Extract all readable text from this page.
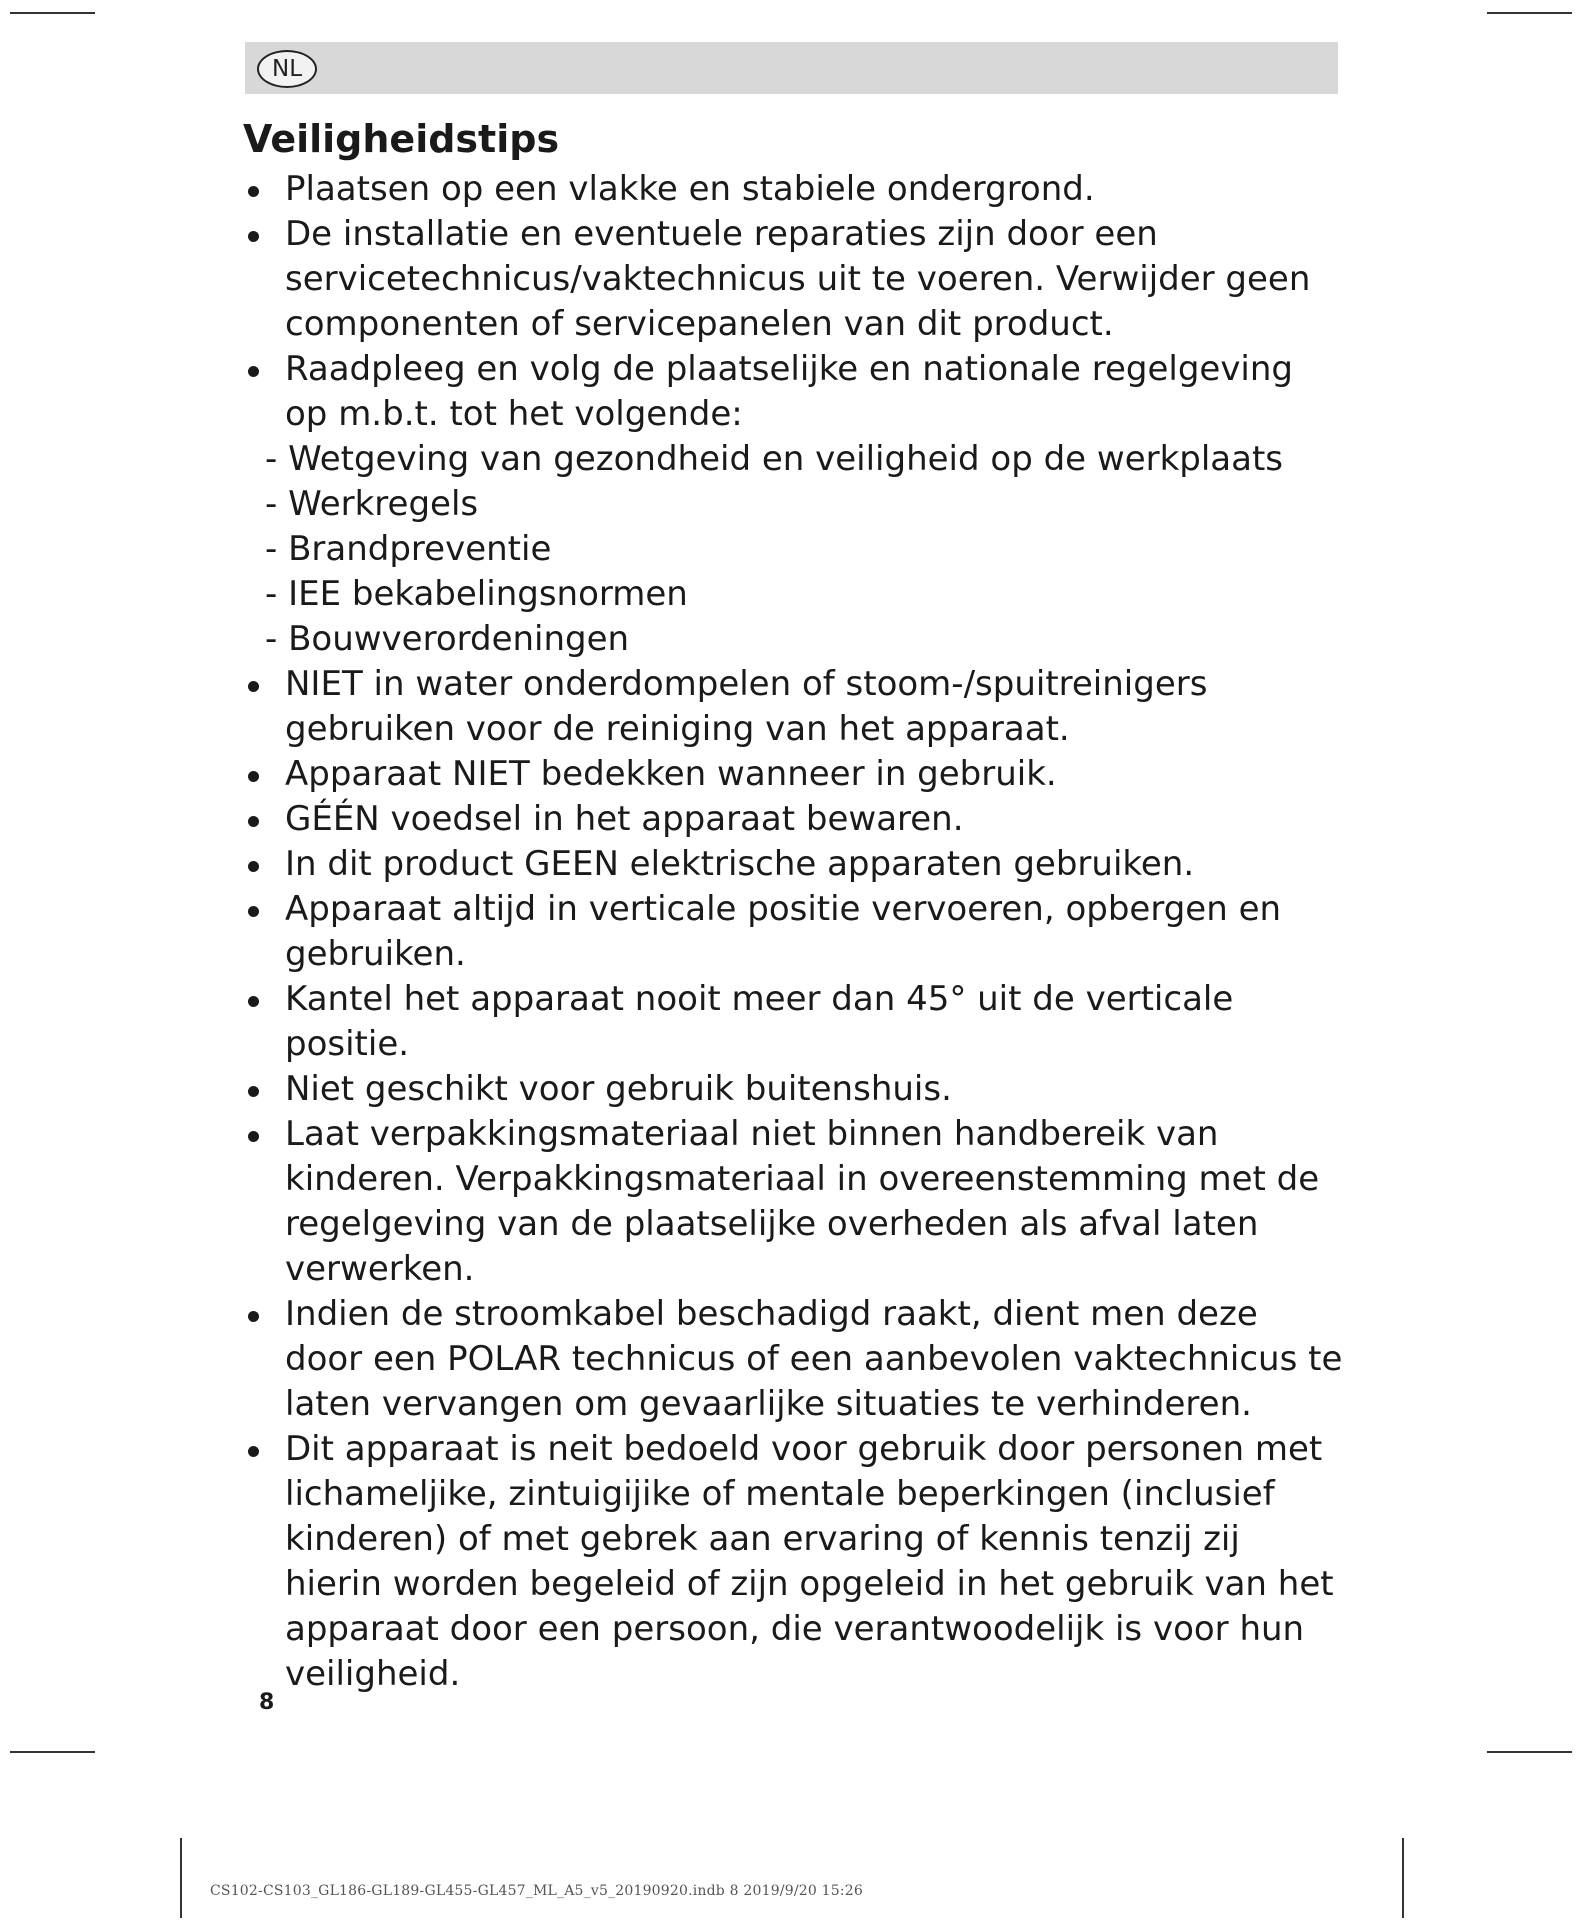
NL
Veiligheidstips
Plaatsen op een vlakke en stabiele ondergrond.
De installatie en eventuele reparaties zijn door een servicetechnicus/vaktechnicus uit te voeren. Verwijder geen componenten of servicepanelen van dit product.
Raadpleeg en volg de plaatselijke en nationale regelgeving op m.b.t. tot het volgende:
- Wetgeving van gezondheid en veiligheid op de werkplaats
- Werkregels
- Brandpreventie
- IEE bekabelingsnormen
- Bouwverordeningen
NIET in water onderdompelen of stoom-/spuitreinigers gebruiken voor de reiniging van het apparaat.
Apparaat NIET bedekken wanneer in gebruik.
GÉÉN voedsel in het apparaat bewaren.
In dit product GEEN elektrische apparaten gebruiken.
Apparaat altijd in verticale positie vervoeren, opbergen en gebruiken.
Kantel het apparaat nooit meer dan 45° uit de verticale positie.
Niet geschikt voor gebruik buitenshuis.
Laat verpakkingsmateriaal niet binnen handbereik van kinderen. Verpakkingsmateriaal in overeenstemming met de regelgeving van de plaatselijke overheden als afval laten verwerken.
Indien de stroomkabel beschadigd raakt, dient men deze door een POLAR technicus of een aanbevolen vaktechnicus te laten vervangen om gevaarlijke situaties te verhinderen.
Dit apparaat is neit bedoeld voor gebruik door personen met lichameljike, zintuigijike of mentale beperkingen (inclusief kinderen) of met gebrek aan ervaring of kennis tenzij zij hierin worden begeleid of zijn opgeleid in het gebruik van het apparaat door een persoon, die verantwoodelijk is voor hun veiligheid.
8
CS102-CS103_GL186-GL189-GL455-GL457_ML_A5_v5_20190920.indb 8 2019/9/20 15:26
